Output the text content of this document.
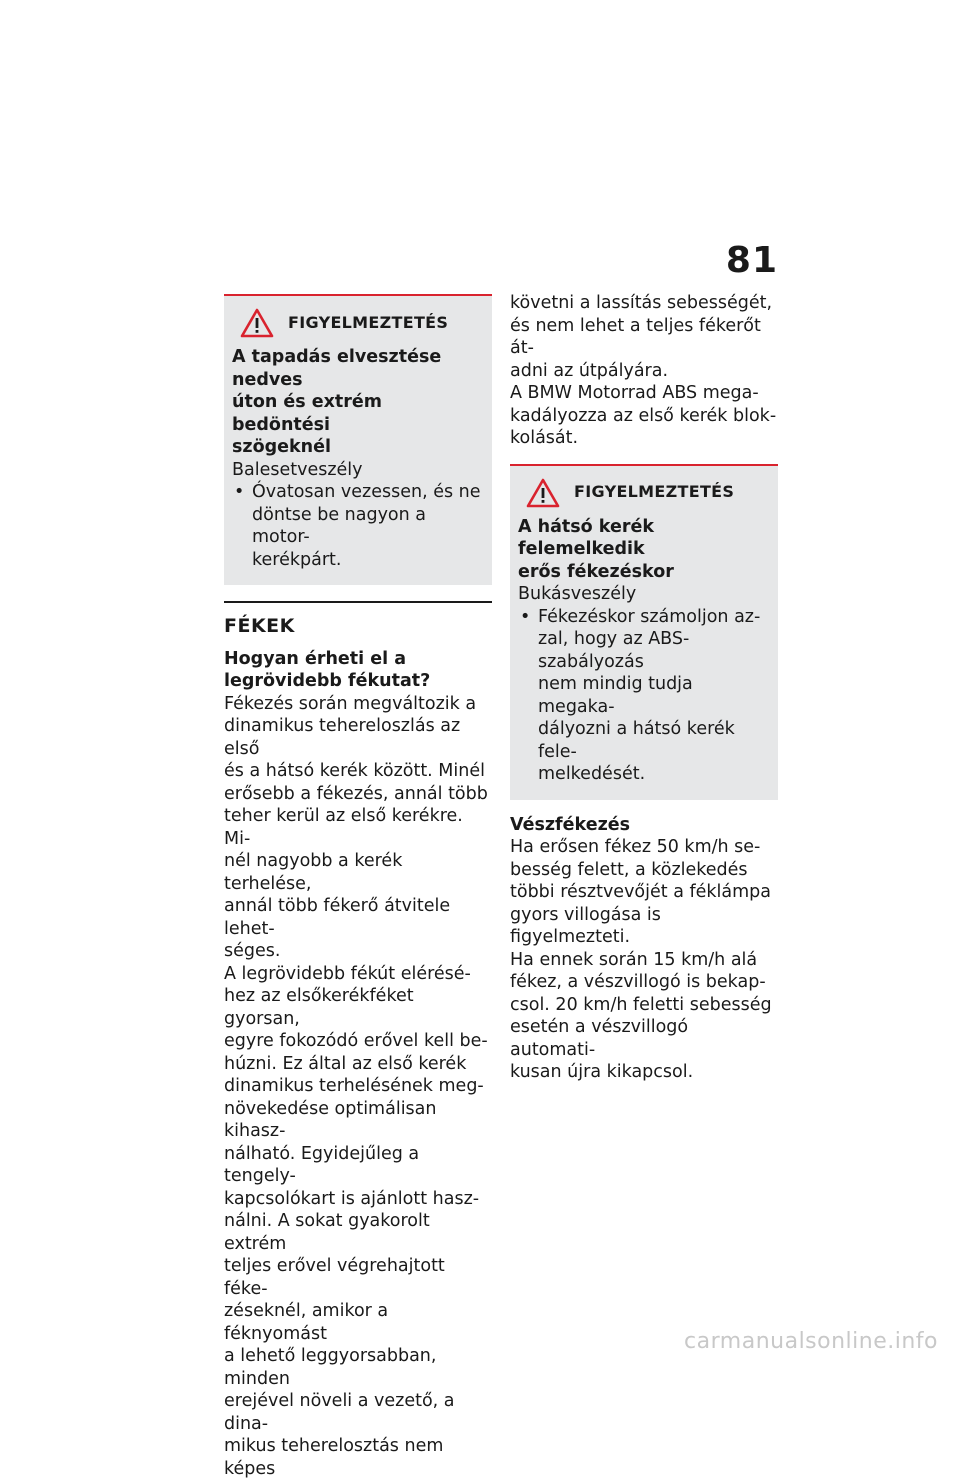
81
FIGYELMEZTETÉS

A tapadás elvesztése nedves

úton és extrém bedöntési

szögeknél

Balesetveszély

• Óvatosan vezessen, és ne

döntse be nagyon a motor-

kerékpárt.

FÉKEK

Hogyan érheti el a

legrövidebb fékutat?

Fékezés során megváltozik a

dinamikus tehereloszlás az első

és a hátsó kerék között. Minél

erősebb a fékezés, annál több

teher kerül az első kerékre. Mi-

nél nagyobb a kerék terhelése,

annál több fékerő átvitele lehet-

séges.

A legrövidebb fékút elérésé-

hez az elsőkerékféket gyorsan,

egyre fokozódó erővel kell be-

húzni. Ez által az első kerék

dinamikus terhelésének meg-

növekedése optimálisan kihasz-

nálható. Egyidejűleg a tengely-

kapcsolókart is ajánlott hasz-

nálni. A sokat gyakorolt extrém

teljes erővel végrehajtott féke-

zéseknél, amikor a féknyomást

a lehető leggyorsabban, minden

erejével növeli a vezető, a dina-

mikus teherelosztás nem képes

követni a lassítás sebességét,

és nem lehet a teljes fékerőt át-

adni az útpályára.

A BMW Motorrad ABS mega-

kadályozza az első kerék blok-

kolását.

FIGYELMEZTETÉS

A hátsó kerék felemelkedik

erős fékezéskor

Bukásveszély

• Fékezéskor számoljon az-

zal, hogy az ABS-szabályozás

nem mindig tudja megaka-

dályozni a hátsó kerék fele-

melkedését.

Vészfékezés

Ha erősen fékez 50 km/h se-

besség felett, a közlekedés

többi résztvevőjét a féklámpa

gyors villogása is figyelmezteti.

Ha ennek során 15 km/h alá

fékez, a vészvillogó is bekap-

csol. 20 km/h feletti sebesség

esetén a vészvillogó automati-

kusan újra kikapcsol.

carmanualsonline.info
